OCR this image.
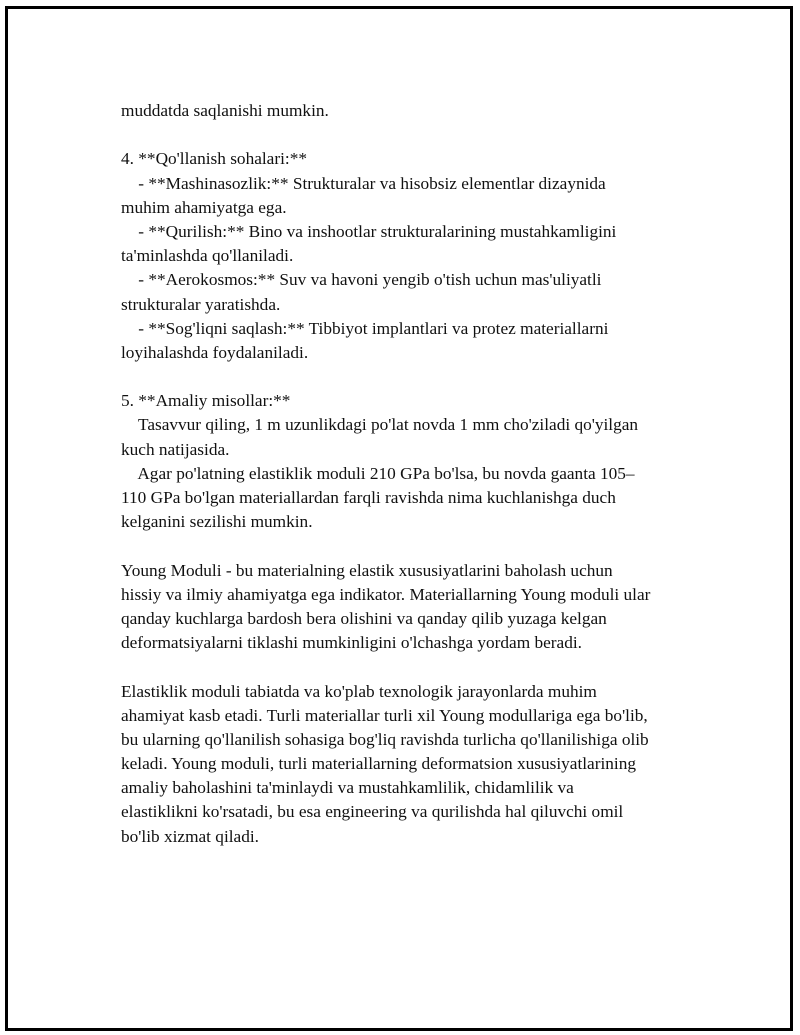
muddatda saqlanishi mumkin.
4. **Qo'llanish sohalari:**
- **Mashinasozlik:** Strukturalar va hisobsiz elementlar dizaynida
muhim ahamiyatga ega.
- **Qurilish:** Bino va inshootlar strukturalarining mustahkamligini
ta'minlashda qo'llaniladi.
- **Aerokosmos:** Suv va havoni yengib o'tish uchun mas'uliyatli
strukturalar yaratishda.
- **Sog'liqni saqlash:** Tibbiyot implantlari va protez materiallarni
loyihalashda foydalaniladi.
5. **Amaliy misollar:**
Tasavvur qiling, 1 m uzunlikdagi po'lat novda 1 mm cho'ziladi qo'yilgan
kuch natijasida.
Agar po'latning elastiklik moduli 210 GPa bo'lsa, bu novda gaanta 105–
110 GPa bo'lgan materiallardan farqli ravishda nima kuchlanishga duch
kelganini sezilishi mumkin.
Young Moduli - bu materialning elastik xususiyatlarini baholash uchun
hissiy va ilmiy ahamiyatga ega indikator. Materiallarning Young moduli ular
qanday kuchlarga bardosh bera olishini va qanday qilib yuzaga kelgan
deformatsiyalarni tiklashi mumkinligini o'lchashga yordam beradi.
Elastiklik moduli tabiatda va ko'plab texnologik jarayonlarda muhim
ahamiyat kasb etadi. Turli materiallar turli xil Young modullariga ega bo'lib,
bu ularning qo'llanilish sohasiga bog'liq ravishda turlicha qo'llanilishiga olib
keladi. Young moduli, turli materiallarning deformatsion xususiyatlarining
amaliy baholashini ta'minlaydi va mustahkamlilik, chidamlilik va
elastiklikni ko'rsatadi, bu esa engineering va qurilishda hal qiluvchi omil
bo'lib xizmat qiladi.
